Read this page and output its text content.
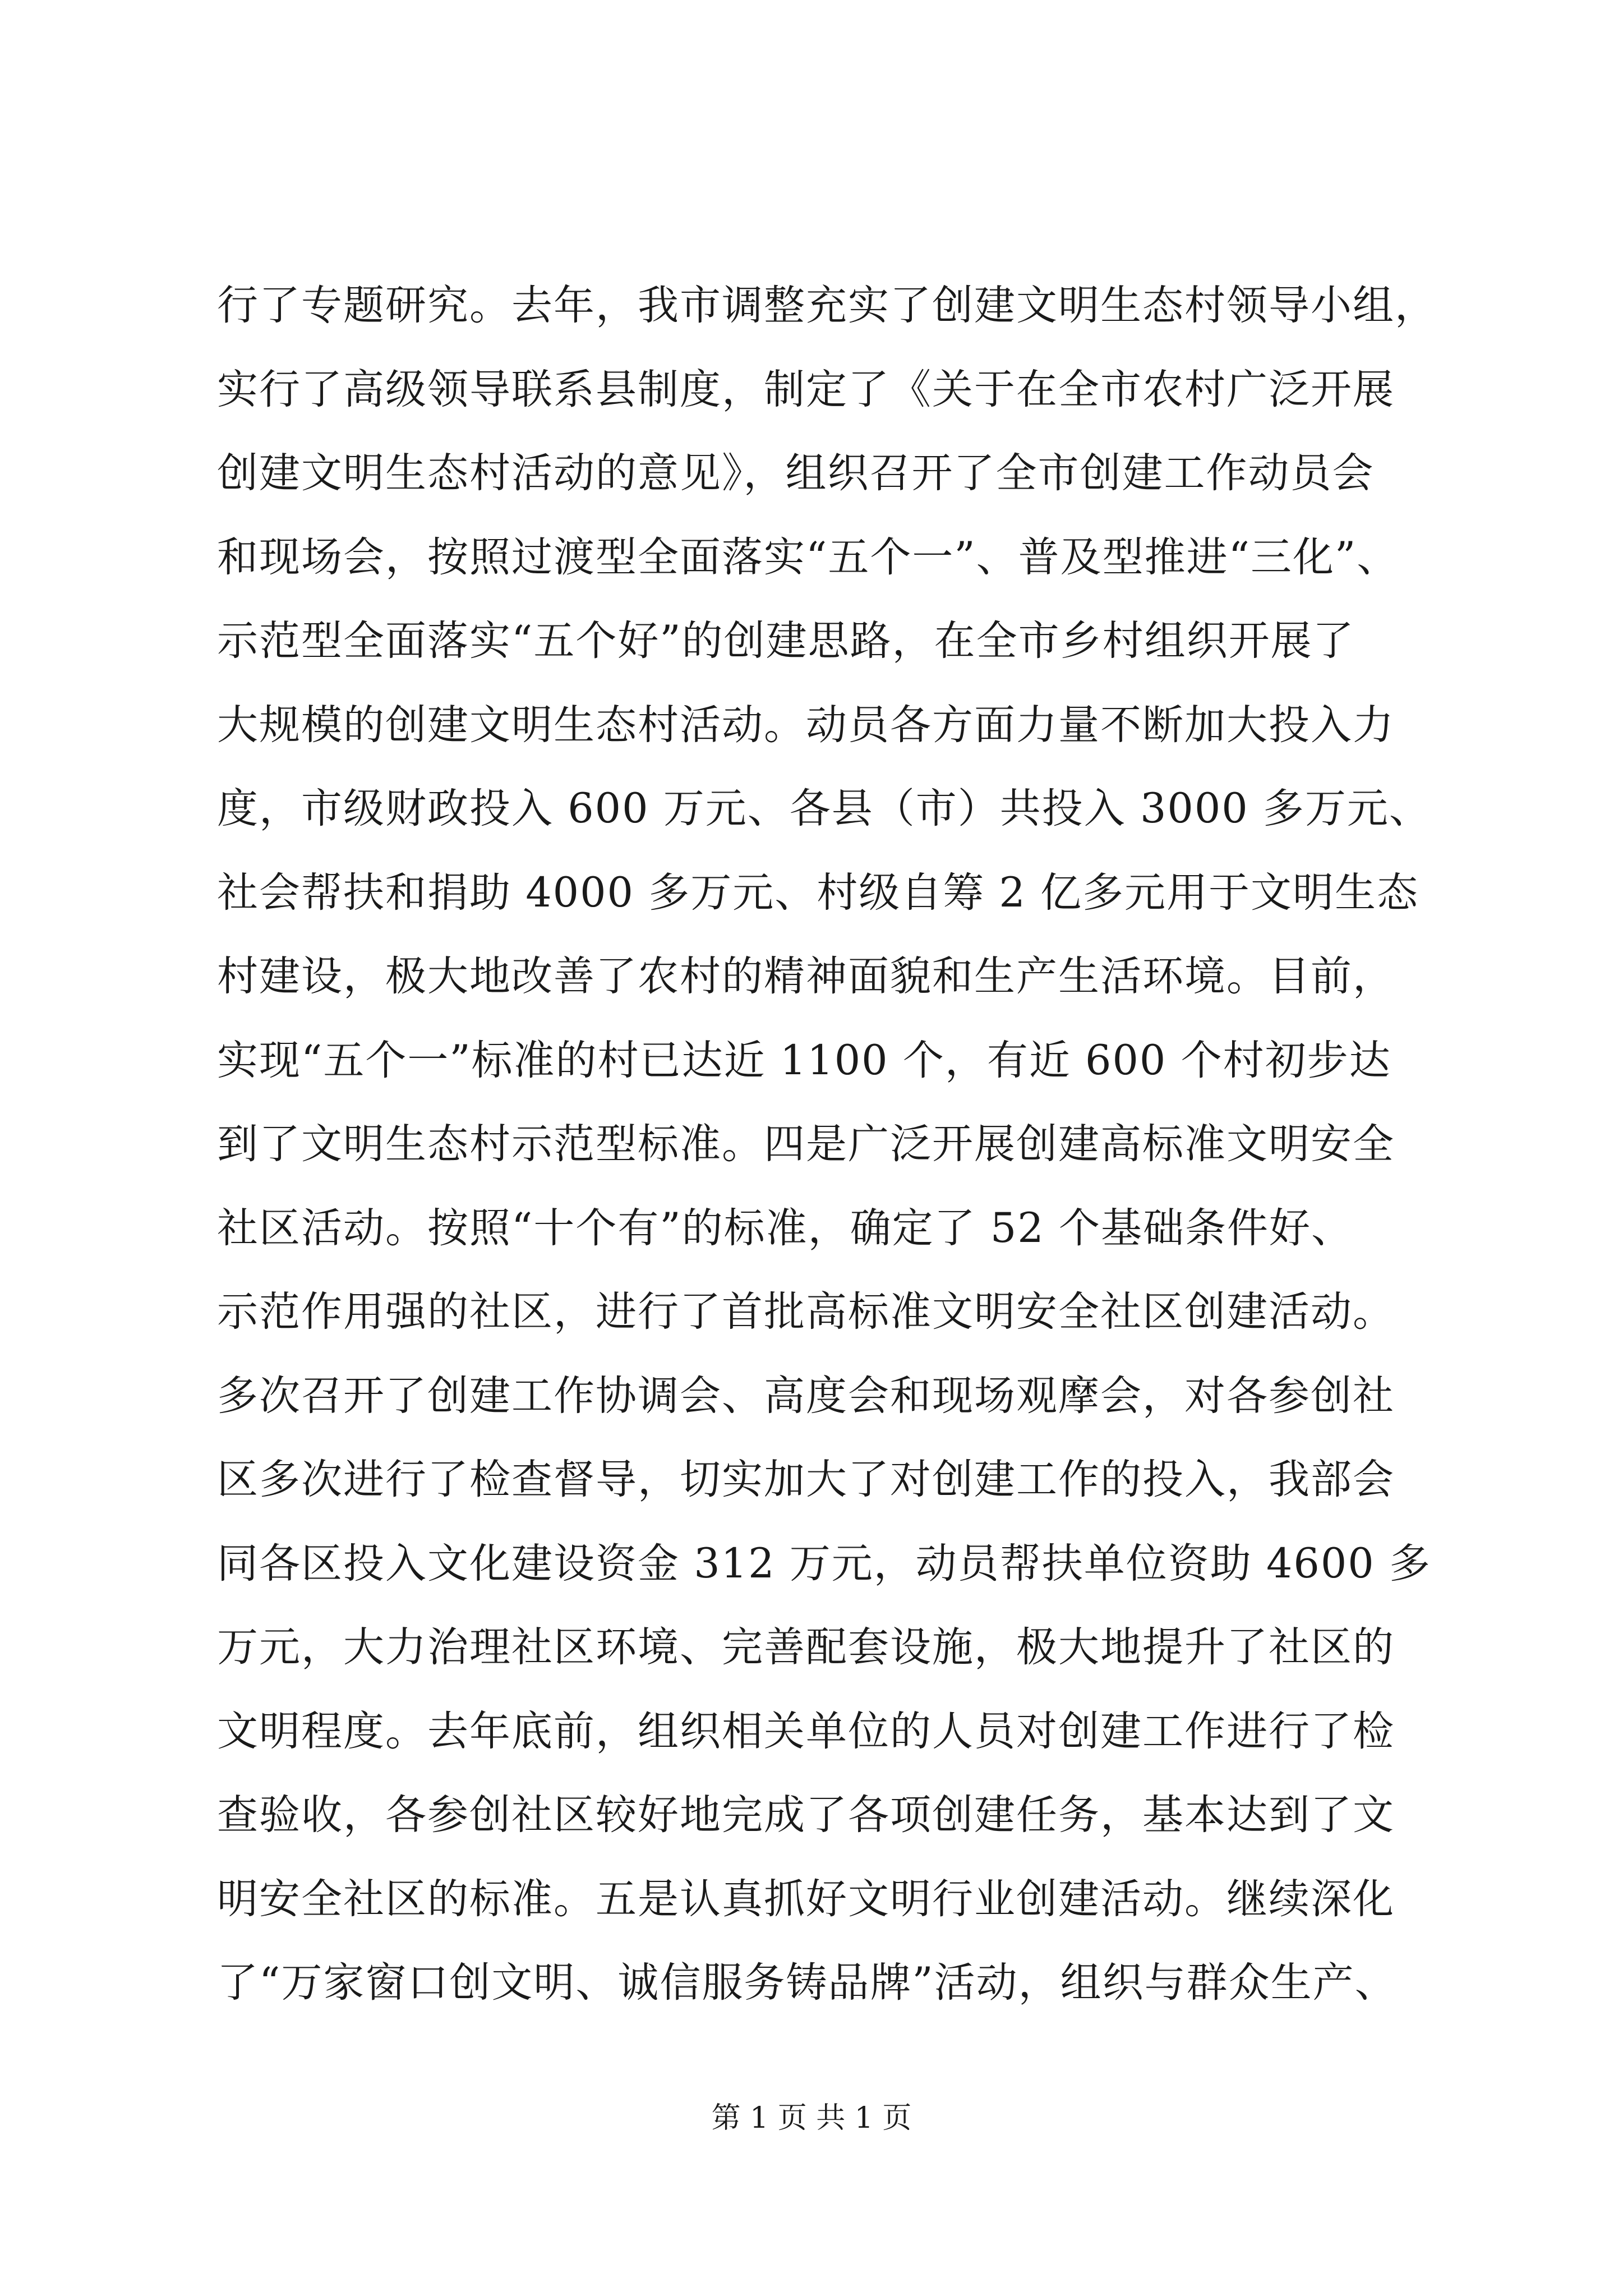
行了专题研究。去年，我市调整充实了创建文明生态村领导小组，
实行了高级领导联系县制度，制定了《关于在全市农村广泛开展
创建文明生态村活动的意见》，组织召开了全市创建工作动员会
和现场会，按照过渡型全面落实“五个一”、普及型推进“三化”、
示范型全面落实“五个好”的创建思路，在全市乡村组织开展了
大规模的创建文明生态村活动。动员各方面力量不断加大投入力
度，市级财政投入 600 万元、各县（市）共投入 3000 多万元、
社会帮扶和捐助 4000 多万元、村级自筹 2 亿多元用于文明生态
村建设，极大地改善了农村的精神面貌和生产生活环境。目前，
实现“五个一”标准的村已达近 1100 个，有近 600 个村初步达
到了文明生态村示范型标准。四是广泛开展创建高标准文明安全
社区活动。按照“十个有”的标准，确定了 52 个基础条件好、
示范作用强的社区，进行了首批高标准文明安全社区创建活动。
多次召开了创建工作协调会、高度会和现场观摩会，对各参创社
区多次进行了检查督导，切实加大了对创建工作的投入，我部会
同各区投入文化建设资金 312 万元，动员帮扶单位资助 4600 多
万元，大力治理社区环境、完善配套设施，极大地提升了社区的
文明程度。去年底前，组织相关单位的人员对创建工作进行了检
查验收，各参创社区较好地完成了各项创建任务，基本达到了文
明安全社区的标准。五是认真抓好文明行业创建活动。继续深化
了“万家窗口创文明、诚信服务铸品牌”活动，组织与群众生产、
第 1 页 共 1 页
